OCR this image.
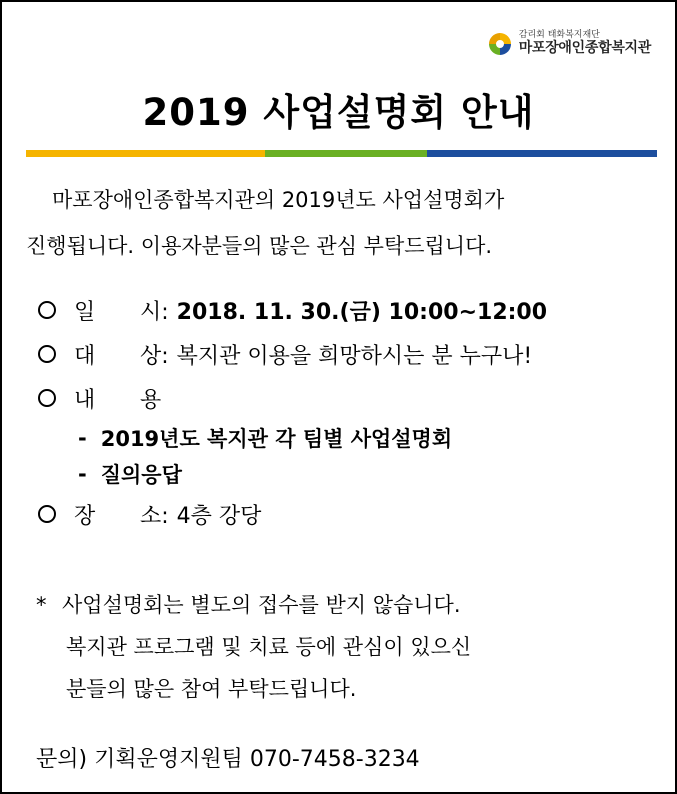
감리회 태화복지재단
마포장애인종합복지관
2019 사업설명회 안내
마포장애인종합복지관의 2019년도 사업설명회가
진행됩니다. 이용자분들의 많은 관심 부탁드립니다.
일	시: 2018. 11. 30.(금) 10:00~12:00
대	상: 복지관 이용을 희망하시는 분 누구나!
내	용
- 2019년도 복지관 각 팀별 사업설명회
- 질의응답
장	소: 4층 강당
* 사업설명회는 별도의 접수를 받지 않습니다.
복지관 프로그램 및 치료 등에 관심이 있으신
분들의 많은 참여 부탁드립니다.
문의) 기획운영지원팀 070-7458-3234
